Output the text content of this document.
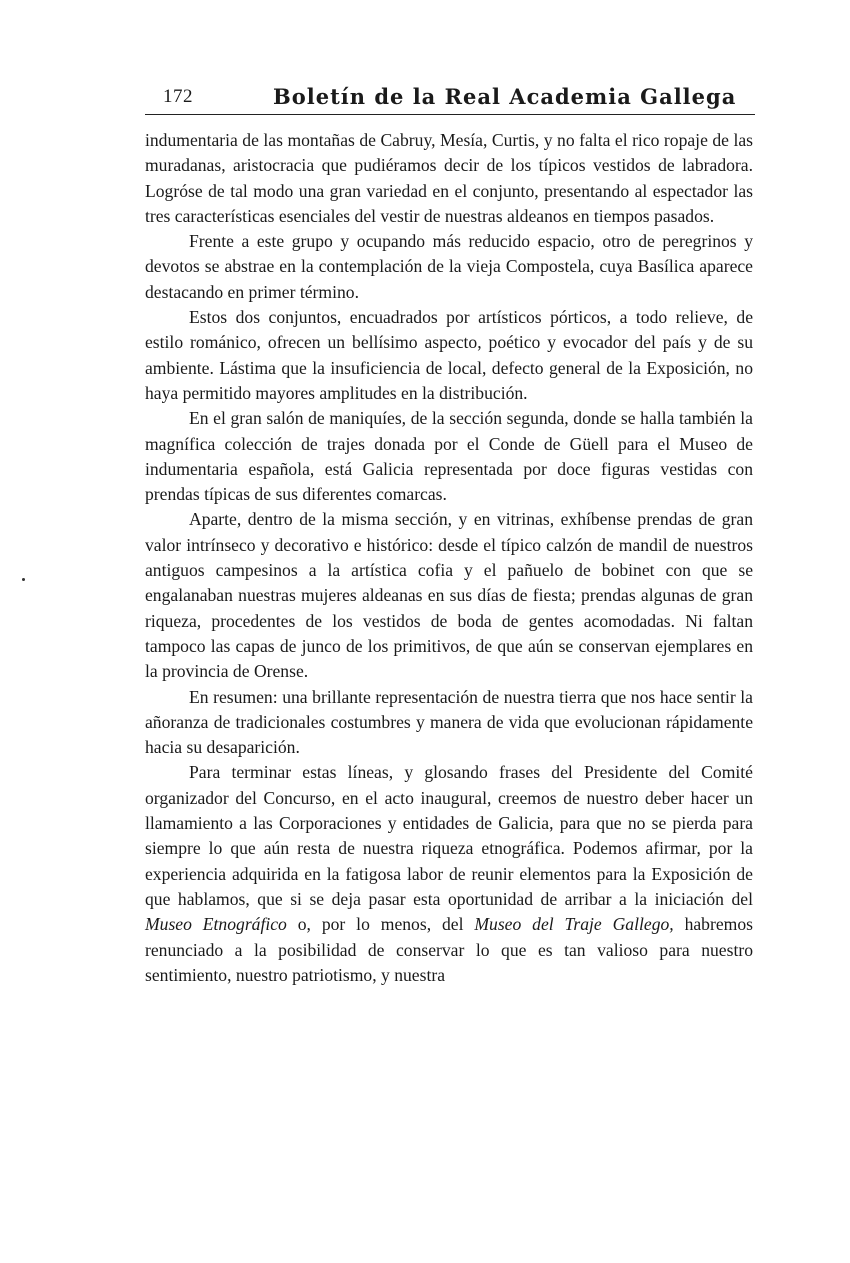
172	Boletín de la Real Academia Gallega

indumentaria de las montañas de Cabruy, Mesía, Curtis, y no falta el rico ropaje de las muradanas, aristocracia que pudiéramos decir de los típicos vestidos de labradora. Logróse de tal modo una gran variedad en el conjunto, presentando al espectador las tres características esenciales del vestir de nuestras aldeanos en tiempos pasados.

Frente a este grupo y ocupando más reducido espacio, otro de peregrinos y devotos se abstrae en la contemplación de la vieja Compostela, cuya Basílica aparece destacando en primer término.

Estos dos conjuntos, encuadrados por artísticos pórticos, a todo relieve, de estilo románico, ofrecen un bellísimo aspecto, poético y evocador del país y de su ambiente. Lástima que la insuficiencia de local, defecto general de la Exposición, no haya permitido mayores amplitudes en la distribución.

En el gran salón de maniquíes, de la sección segunda, donde se halla también la magnífica colección de trajes donada por el Conde de Güell para el Museo de indumentaria española, está Galicia representada por doce figuras vestidas con prendas típicas de sus diferentes comarcas.

Aparte, dentro de la misma sección, y en vitrinas, exhíbense prendas de gran valor intrínseco y decorativo e histórico: desde el típico calzón de mandil de nuestros antiguos campesinos a la artística cofia y el pañuelo de bobinet con que se engalanaban nuestras mujeres aldeanas en sus días de fiesta; prendas algunas de gran riqueza, procedentes de los vestidos de boda de gentes acomodadas. Ni faltan tampoco las capas de junco de los primitivos, de que aún se conservan ejemplares en la provincia de Orense.

En resumen: una brillante representación de nuestra tierra que nos hace sentir la añoranza de tradicionales costumbres y manera de vida que evolucionan rápidamente hacia su desaparición.

Para terminar estas líneas, y glosando frases del Presidente del Comité organizador del Concurso, en el acto inaugural, creemos de nuestro deber hacer un llamamiento a las Corporaciones y entidades de Galicia, para que no se pierda para siempre lo que aún resta de nuestra riqueza etnográfica. Podemos afirmar, por la experiencia adquirida en la fatigosa labor de reunir elementos para la Exposición de que hablamos, que si se deja pasar esta oportunidad de arribar a la iniciación del Museo Etnográfico o, por lo menos, del Museo del Traje Gallego, habremos renunciado a la posibilidad de conservar lo que es tan valioso para nuestro sentimiento, nuestro patriotismo, y nuestra
